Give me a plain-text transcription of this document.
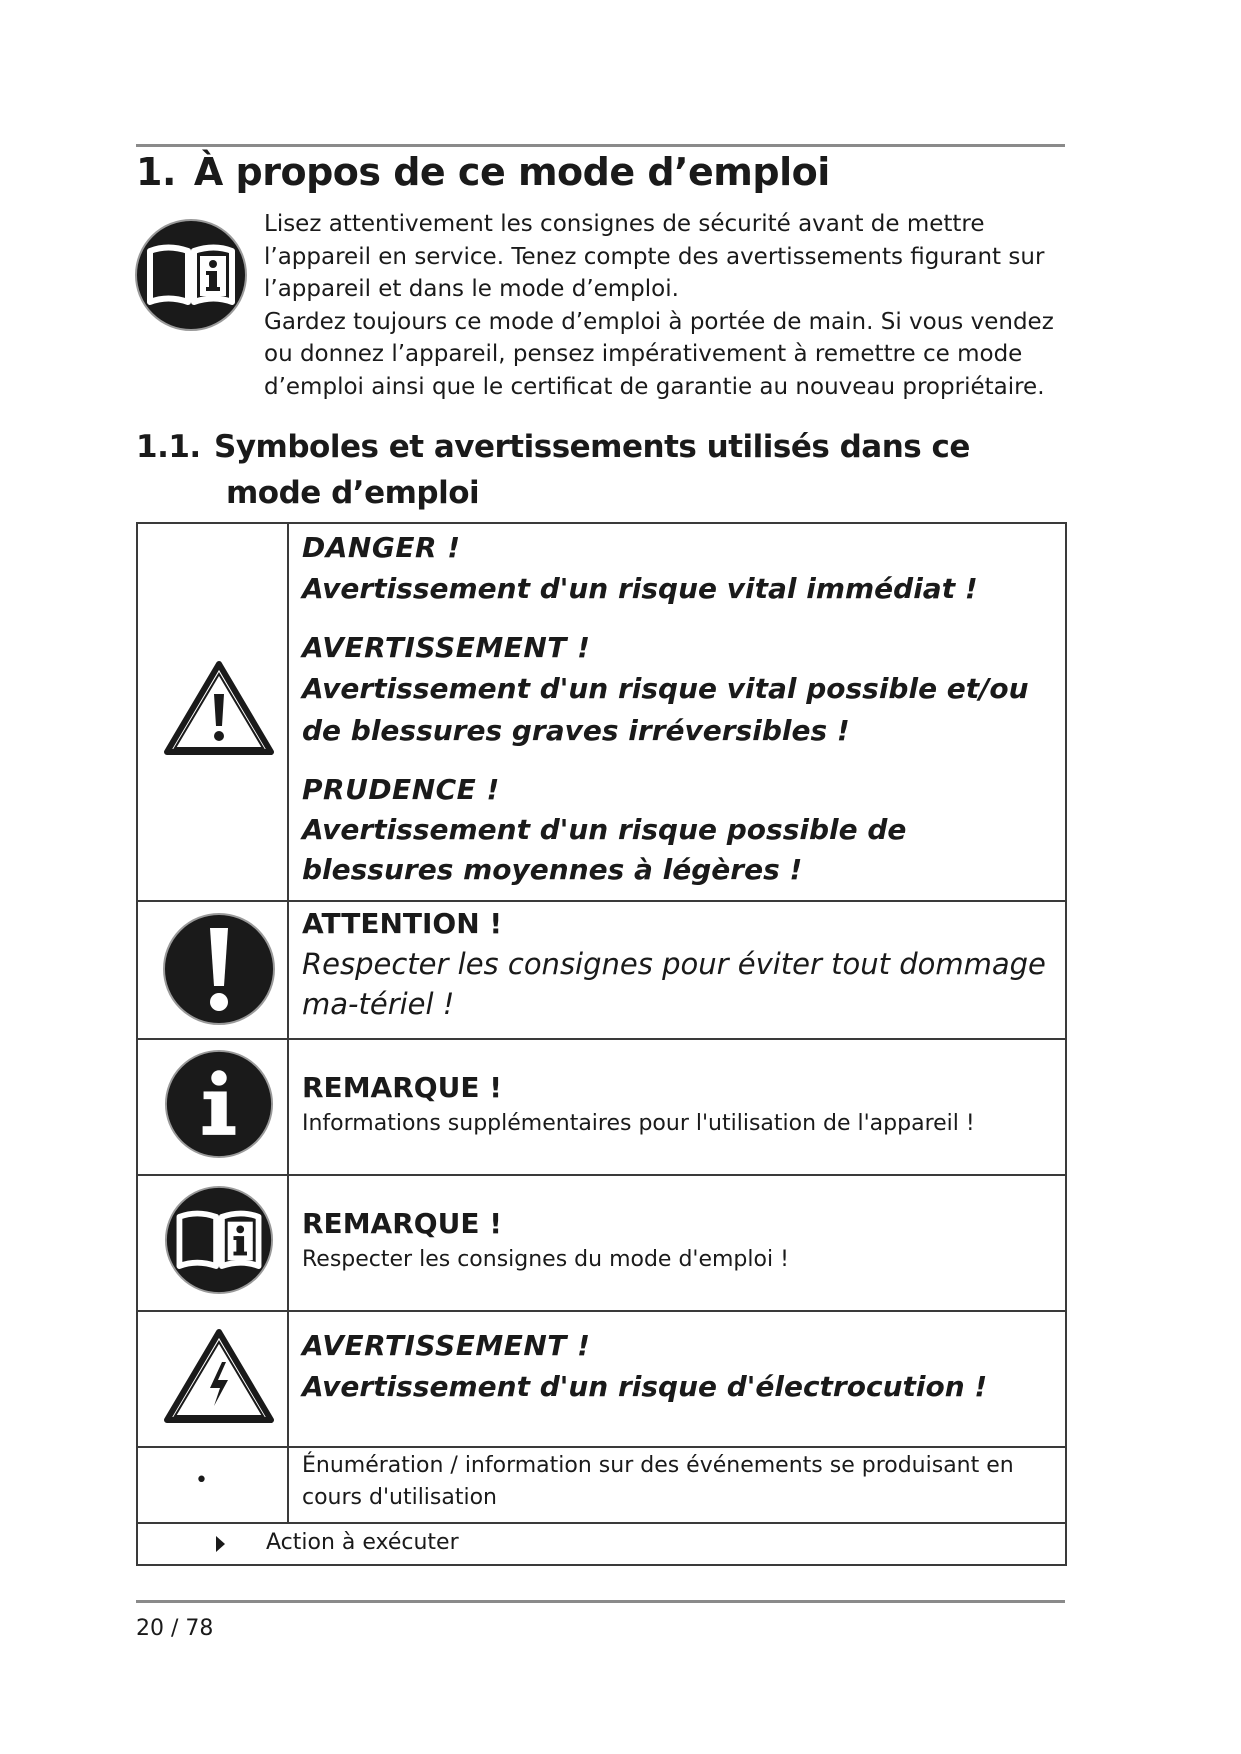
1. À propos de ce mode d’emploi

Lisez attentivement les consignes de sécurité avant de mettre l’appareil en service. Tenez compte des avertissements figurant sur l’appareil et dans le mode d’emploi.

Gardez toujours ce mode d’emploi à portée de main. Si vous vendez ou donnez l’appareil, pensez impérativement à remettre ce mode d’emploi ainsi que le certificat de garantie au nouveau propriétaire.

1.1. Symboles et avertissements utilisés dans ce
mode d’emploi
DANGER !
Avertissement d'un risque vital immédiat !
AVERTISSEMENT !
Avertissement d'un risque vital possible et/ou de blessures graves irréversibles !
PRUDENCE !
Avertissement d'un risque possible de blessures moyennes à légères !
ATTENTION !
Respecter les consignes pour éviter tout dommage ma-tériel !
REMARQUE !
Informations supplémentaires pour l'utilisation de l'appareil !
REMARQUE !
Respecter les consignes du mode d'emploi !
AVERTISSEMENT !
Avertissement d'un risque d'électrocution !
•
Énumération / information sur des événements se produisant en cours d'utilisation
Action à exécuter
20 / 78
